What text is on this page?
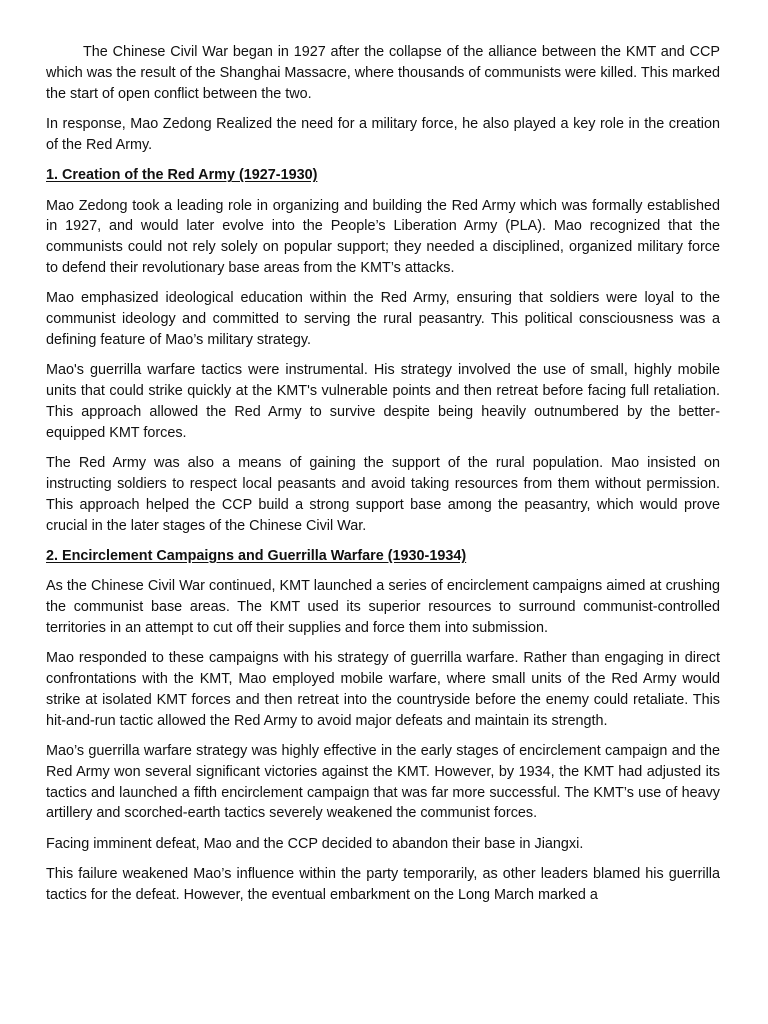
The Chinese Civil War began in 1927 after the collapse of the alliance between the KMT and CCP which was the result of the Shanghai Massacre, where thousands of communists were killed. This marked the start of open conflict between the two.

In response, Mao Zedong Realized the need for a military force, he also played a key role in the creation of the Red Army.

1. Creation of the Red Army (1927-1930)

Mao Zedong took a leading role in organizing and building the Red Army which was formally established in 1927, and would later evolve into the People’s Liberation Army (PLA). Mao recognized that the communists could not rely solely on popular support; they needed a disciplined, organized military force to defend their revolutionary base areas from the KMT’s attacks.

Mao emphasized ideological education within the Red Army, ensuring that soldiers were loyal to the communist ideology and committed to serving the rural peasantry. This political consciousness was a defining feature of Mao’s military strategy.

Mao's guerrilla warfare tactics were instrumental. His strategy involved the use of small, highly mobile units that could strike quickly at the KMT's vulnerable points and then retreat before facing full retaliation. This approach allowed the Red Army to survive despite being heavily outnumbered by the better-equipped KMT forces.

The Red Army was also a means of gaining the support of the rural population. Mao insisted on instructing soldiers to respect local peasants and avoid taking resources from them without permission. This approach helped the CCP build a strong support base among the peasantry, which would prove crucial in the later stages of the Chinese Civil War.

2. Encirclement Campaigns and Guerrilla Warfare (1930-1934)

As the Chinese Civil War continued, KMT launched a series of encirclement campaigns aimed at crushing the communist base areas. The KMT used its superior resources to surround communist-controlled territories in an attempt to cut off their supplies and force them into submission.

Mao responded to these campaigns with his strategy of guerrilla warfare. Rather than engaging in direct confrontations with the KMT, Mao employed mobile warfare, where small units of the Red Army would strike at isolated KMT forces and then retreat into the countryside before the enemy could retaliate. This hit-and-run tactic allowed the Red Army to avoid major defeats and maintain its strength.

Mao’s guerrilla warfare strategy was highly effective in the early stages of encirclement campaign and the Red Army won several significant victories against the KMT. However, by 1934, the KMT had adjusted its tactics and launched a fifth encirclement campaign that was far more successful. The KMT’s use of heavy artillery and scorched-earth tactics severely weakened the communist forces.

Facing imminent defeat, Mao and the CCP decided to abandon their base in Jiangxi.

This failure weakened Mao’s influence within the party temporarily, as other leaders blamed his guerrilla tactics for the defeat. However, the eventual embarkment on the Long March marked a
